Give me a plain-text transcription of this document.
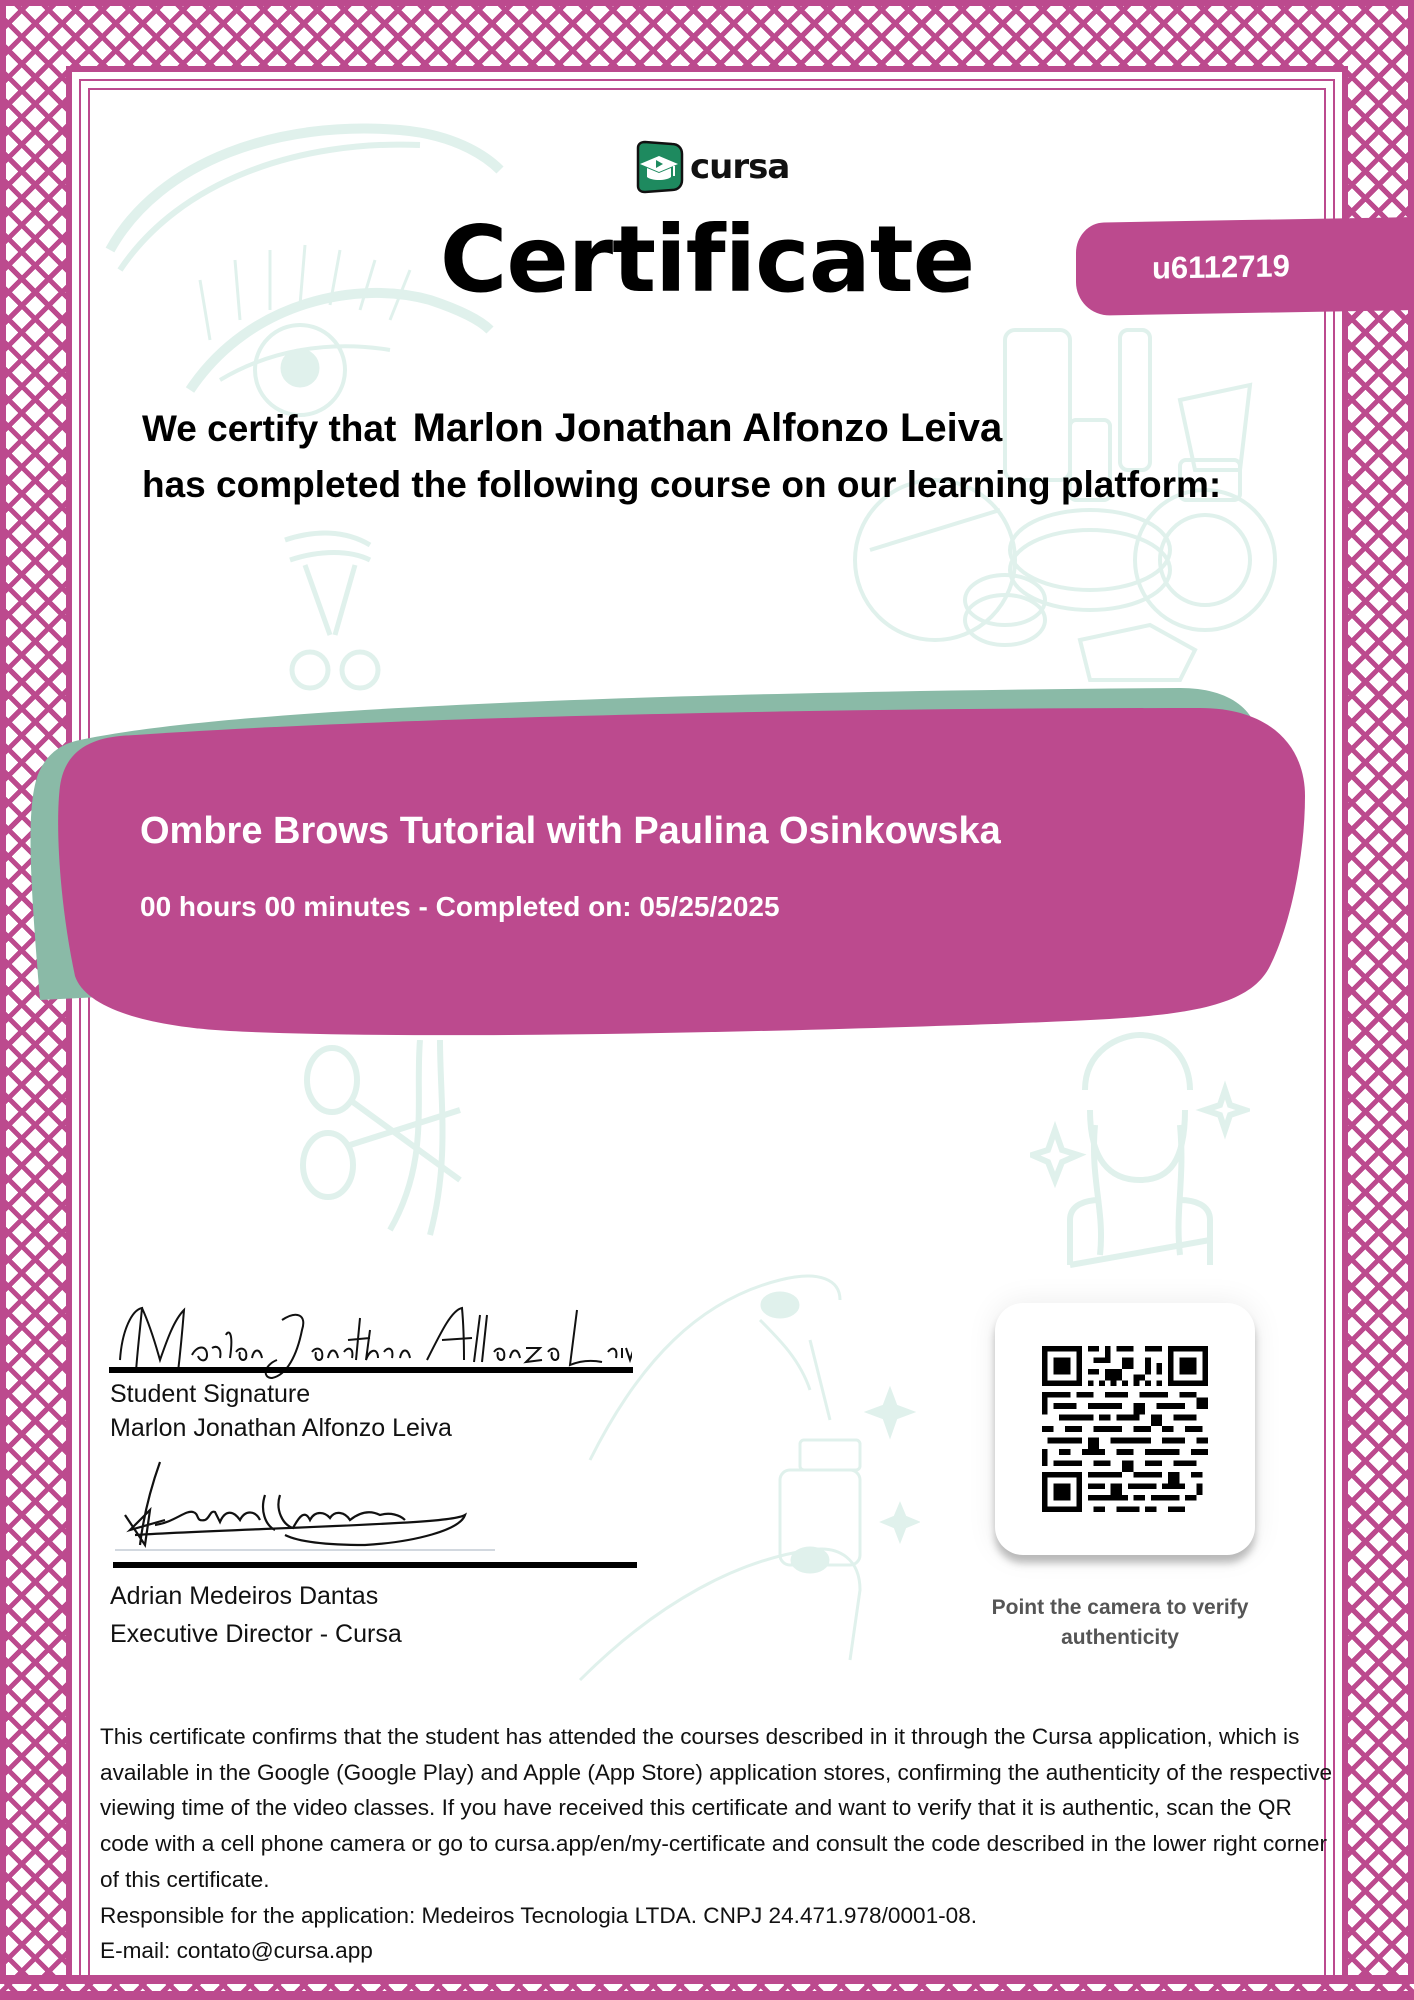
cursa
Certificate	u6112719
We certify that Marlon Jonathan Alfonzo Leiva
has completed the following course on our learning platform:
Ombre Brows Tutorial with Paulina Osinkowska
00 hours 00 minutes - Completed on: 05/25/2025
Student Signature
Marlon Jonathan Alfonzo Leiva
Adrian Medeiros Dantas
Executive Director - Cursa
Point the camera to verify authenticity
This certificate confirms that the student has attended the courses described in it through the Cursa application, which is available in the Google (Google Play) and Apple (App Store) application stores, confirming the authenticity of the respective viewing time of the video classes. If you have received this certificate and want to verify that it is authentic, scan the QR code with a cell phone camera or go to cursa.app/en/my-certificate and consult the code described in the lower right corner of this certificate.
Responsible for the application: Medeiros Tecnologia LTDA. CNPJ 24.471.978/0001-08.
E-mail: contato@cursa.app
